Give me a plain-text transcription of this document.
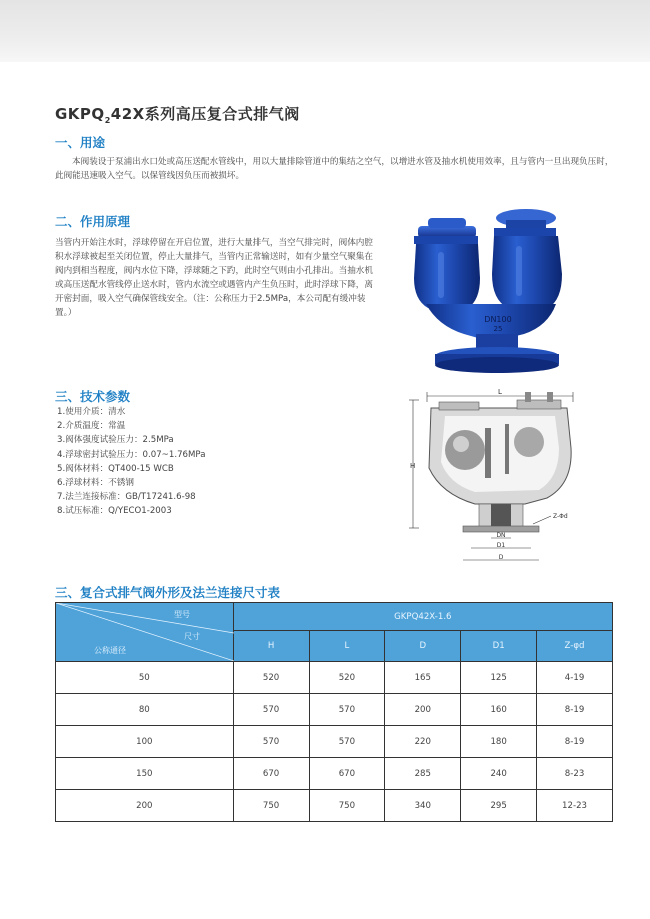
$GKPQ_242X$系列高压复合式排气阀
一、用途
本阀装设于泵浦出水口处或高压送配水管线中，用以大量排除管道中的集结之空气，以增进水管及抽水机使用效率，且与管内一旦出现负压时，此阀能迅速吸入空气。以保管线因负压而被损坏。
二、作用原理
当管内开始注水时，浮球停留在开启位置，进行大量排气，当空气排完时，阀体内腔积水浮球被起至关闭位置，停止大量排气，当管内正常输送时，如有少量空气聚集在阀内到相当程度，阀内水位下降，浮球随之下趵，此时空气则由小孔排出。当抽水机或高压送配水管线停止送水时，管内水流空或遇管内产生负压时，此时浮球下降，离开密封面，吸入空气确保管线安全。（注：公称压力于2.5MPa，本公司配有缓冲装置。）
三、技术参数
1.使用介质：清水
2.介质温度：常温
3.阀体强度试验压力：2.5MPa
4.浮球密封试验压力：0.07~1.76MPa
5.阀体材料：QT400-15 WCB
6.浮球材料：不锈钢
7.法兰连接标准：GB/T17241.6-98
8.试压标准：Q/YECO1-2003
DN100
25
L
H
DN
D1
D
Z-Φd
三、复合式排气阀外形及法兰连接尺寸表
型号
尺寸
公称通径	GKPQ42X-1.6				
	H	L	D	D1	Z-φd
50	520	520	165	125	4-19
80	570	570	200	160	8-19
100	570	570	220	180	8-19
150	670	670	285	240	8-23
200	750	750	340	295	12-23
